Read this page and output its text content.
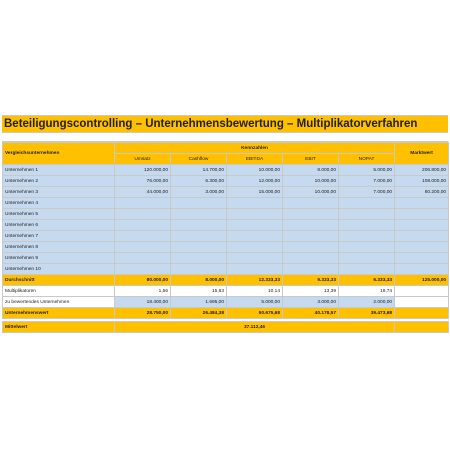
Beteiligungscontrolling – Unternehmensbewertung – Multiplikatorverfahren
Vergleichsunternehmen	Kennzahlen					Marktwert
	Umsatz	Cashflow	EBITDA	EBIT	NOPAT	
Unternehmen 1	120.000,00	14.700,00	10.000,00	8.000,00	5.000,00	206.800,00
Unternehmen 2	76.000,00	6.300,00	12.000,00	10.000,00	7.000,00	108.000,00
Unternehmen 3	44.000,00	3.000,00	15.000,00	10.000,00	7.000,00	60.200,00
Unternehmen 4						
Unternehmen 5						
Unternehmen 6						
Unternehmen 7						
Unternehmen 8						
Unternehmen 9						
Unternehmen 10						
Durchschnitt	80.000,00	8.000,00	12.333,33	9.333,33	6.333,33	125.000,00
Multiplikatoren	1,56	15,63	10,14	13,39	19,74	
zu bewertendes Unternehmen	18.400,00	1.695,00	5.000,00	3.000,00	2.000,00	
Unternehmenswert	28.750,00	26.484,38	50.675,68	40.178,57	39.473,68	

Mittelwert	37.112,46					
